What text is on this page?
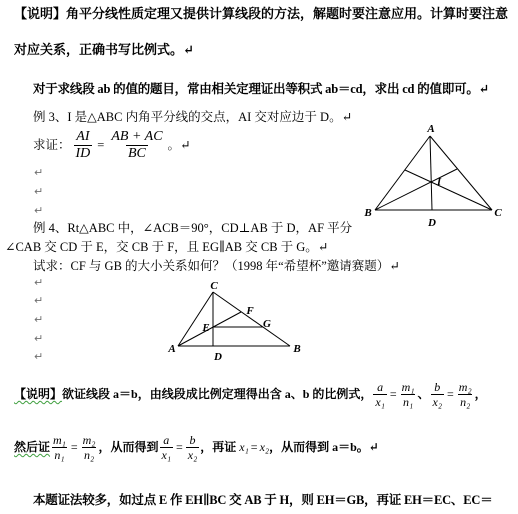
【说明】角平分线性质定理又提供计算线段的方法，解题时要注意应用。计算时要注意
对应关系，正确书写比例式。↵
对于求线段 ab 的值的题目，常由相关定理证出等积式 ab＝cd，求出 cd 的值即可。↵
例 3、I 是△ABC 内角平分线的交点，AI 交对应边于 D。↵
求证： $\frac{AI}{ID} = \frac{AB + AC}{BC}$ 。↵
A
B	C
D
I
↵
↵
↵
例 4、Rt△ABC 中，∠ACB＝90°，CD⊥AB 于 D，AF 平分
∠CAB 交 CD 于 E，交 CB 于 F，且 EG∥AB 交 CB 于 G。↵
试求：CF 与 GB 的大小关系如何？（1998 年“希望杯”邀请赛题）↵
C
A	B
D
E
F
G
↵
↵
↵
↵
↵
【说明】 欲证线段 a＝b，由线段成比例定理得出含 a、b 的比例式， $\frac{a}{\text{x₁}} = \frac{\text{m₁}}{\text{n₁}}$ 、 $\frac{b}{\text{x₂}} = \frac{\text{m₂}}{\text{n₂}}$ ，
然后证 $\frac{\text{m₁}}{\text{n₁}} = \frac{\text{m₂}}{\text{n₂}}$ ，从而得到 $\frac{a}{\text{x₁}} = \frac{b}{\text{x₂}}$ ，再证 x₁ = x₂ ，从而得到 a＝b。↵
本题证法较多，如过点 E 作 EH∥BC 交 AB 于 H，则 EH＝GB，再证 EH＝EC、EC＝
